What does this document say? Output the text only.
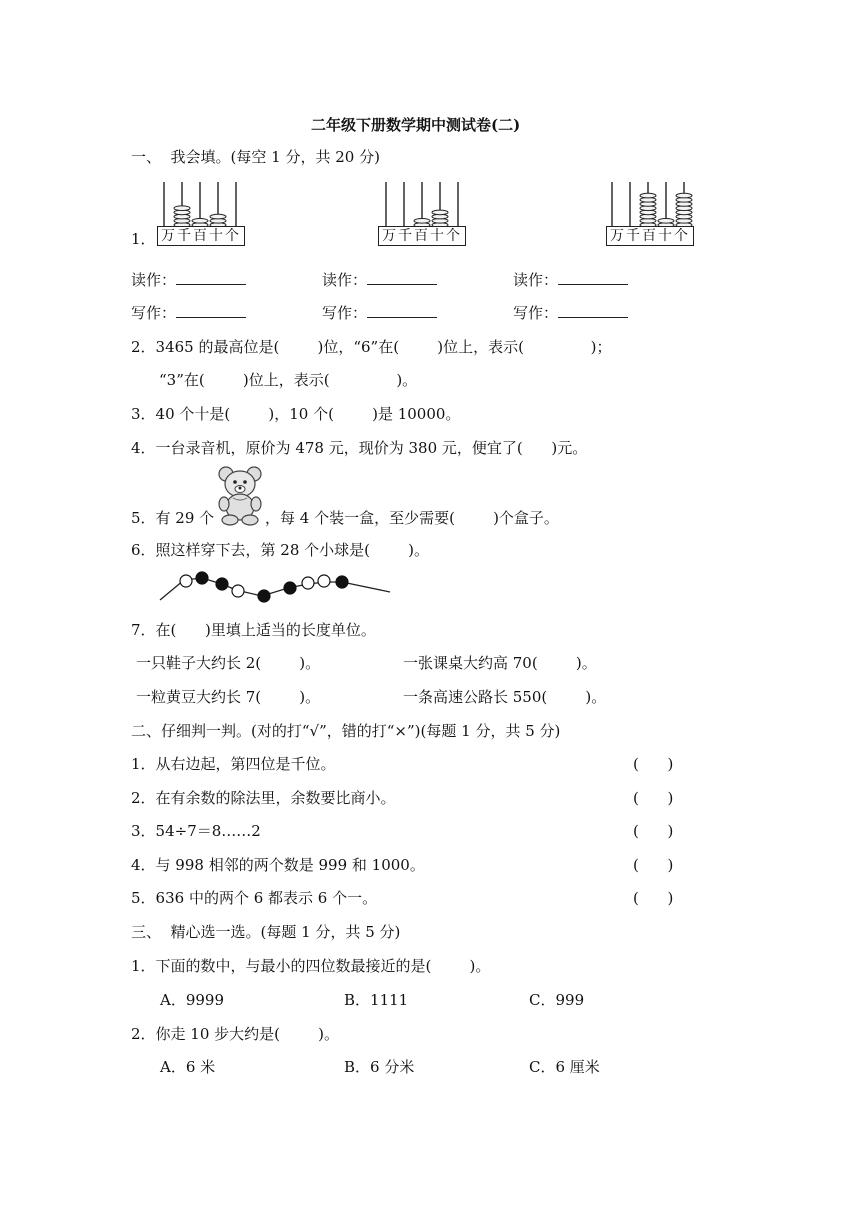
二年级下册数学期中测试卷(二)
一、  我会填。(每空 1 分，共 20 分)
1． 万千百十个	万千百十个	万千百十个
读作：	读作：	读作：
写作：	写作：	写作：
2．3465 的最高位是(        )位，“6”在(        )位上，表示(              )；
“3”在(        )位上，表示(              )。
3．40 个十是(        )，10 个(        )是 10000。
4．一台录音机，原价为 478 元，现价为 380 元，便宜了(      )元。
5．有 29 个	，每 4 个装一盒，至少需要(        )个盒子。
6．照这样穿下去，第 28 个小球是(        )。
7．在(      )里填上适当的长度单位。
一只鞋子大约长 2(        )。	一张课桌大约高 70(        )。
一粒黄豆大约长 7(        )。	一条高速公路长 550(        )。
二、仔细判一判。(对的打“√”，错的打“×”)(每题 1 分，共 5 分)
1．从右边起，第四位是千位。	(      )
2．在有余数的除法里，余数要比商小。	(      )
3．54÷7＝8……2	(      )
4．与 998 相邻的两个数是 999 和 1000。	(      )
5．636 中的两个 6 都表示 6 个一。	(      )
三、  精心选一选。(每题 1 分，共 5 分)
1．下面的数中，与最小的四位数最接近的是(        )。
A．9999	B．1111	C．999
2．你走 10 步大约是(        )。
A．6 米	B．6 分米	C．6 厘米
